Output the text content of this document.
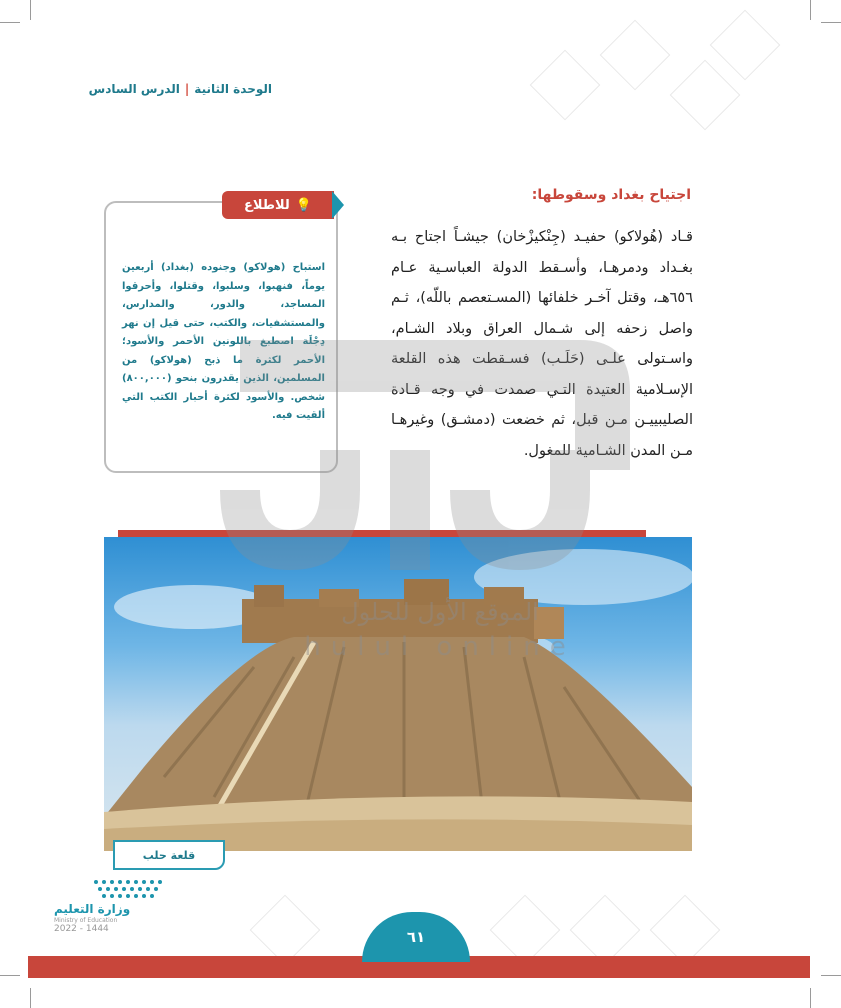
الوحدة الثانية|الدرس السادس
اجتياح بغداد وسقوطها:
قـاد (هُولاكو) حفيـد (جِنْكيزْخان) جيشـاً اجتاح بـه بغـداد ودمرهـا، وأسـقط الدولة العباسـية عـام ٦٥٦هـ، وقتل آخـر خلفائها (المسـتعصم باللّه)، ثـم واصل زحفه إلى شـمال العراق وبلاد الشـام، واسـتولى علـى (حَلَـب) فسـقطت هذه القلعة الإسـلامية العتيدة التـي صمدت في وجه قـادة الصليبييـن مـن قبل، ثم خضعت (دمشـق) وغيرهـا مـن المدن الشـامية للمغول.
💡
للاطلاع
استباح (هولاكو) وجنوده (بغداد) أربعين يوماً، فنهبوا، وسلبوا، وقتلوا، وأحرقوا المساجد، والدور، والمدارس، والمستشفيات، والكتب، حتى قيل إن نهر دِجْلَة اصطبغ باللونين الأحمر والأسود؛ الأحمر لكثرة ما ذبح (هولاكو) من المسلمين، الذين يقدرون بنحو (٨٠٠,٠٠٠) شخص. والأسود لكثرة أحبار الكتب التي ألقيت فيه.
قلعة حلب
الموقع الأول للحلول
hulul online
حلول
٦١
وزارة التعليم
Ministry of Education
2022 - 1444
